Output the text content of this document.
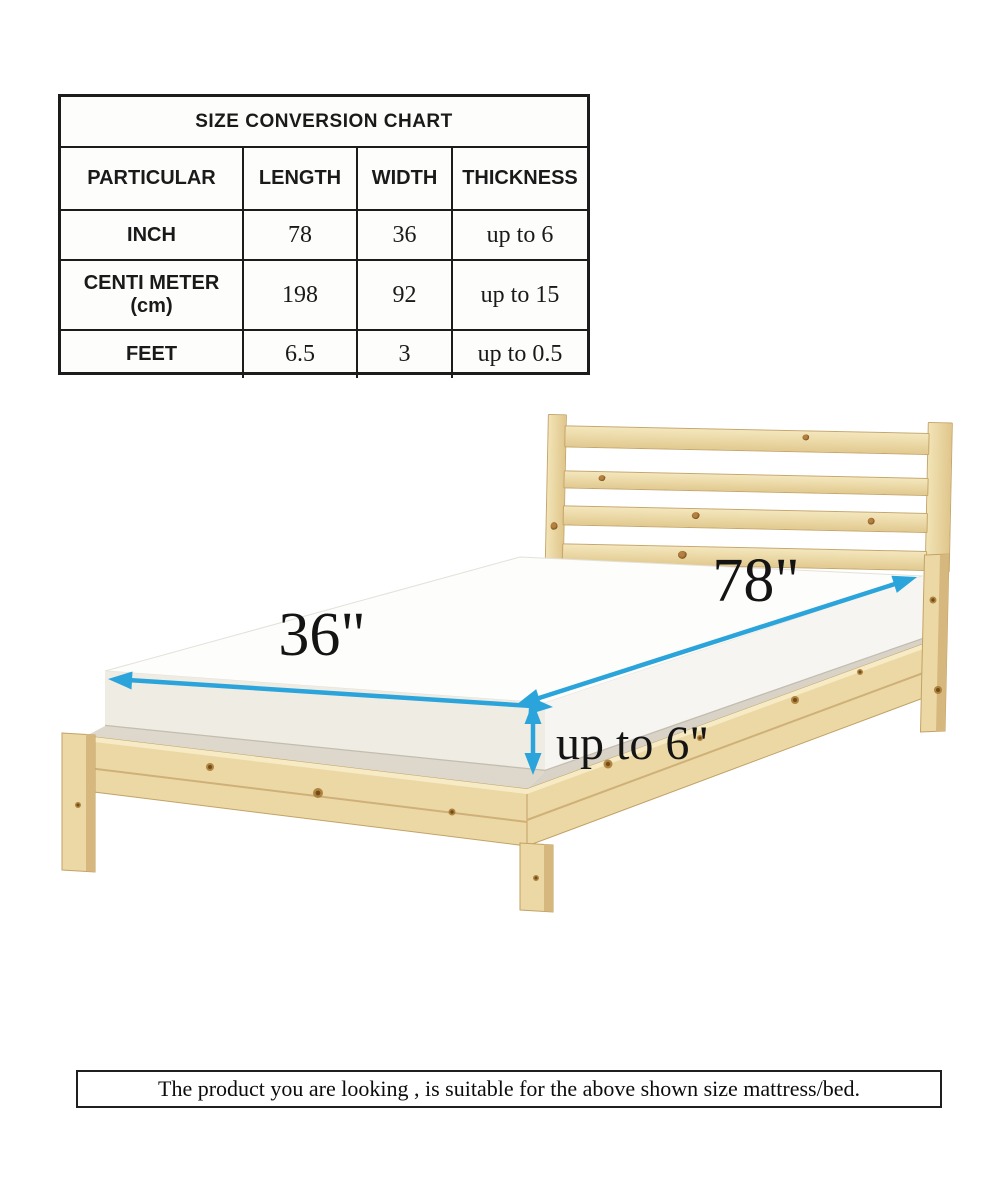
SIZE CONVERSION CHART
PARTICULAR	LENGTH	WIDTH	THICKNESS
INCH	78	36	up to 6
CENTI METER
(cm)	198	92	up to 15
FEET	6.5	3	up to 0.5
36"
78"
up to 6"
The product you are looking , is suitable for the above shown size mattress/bed.
